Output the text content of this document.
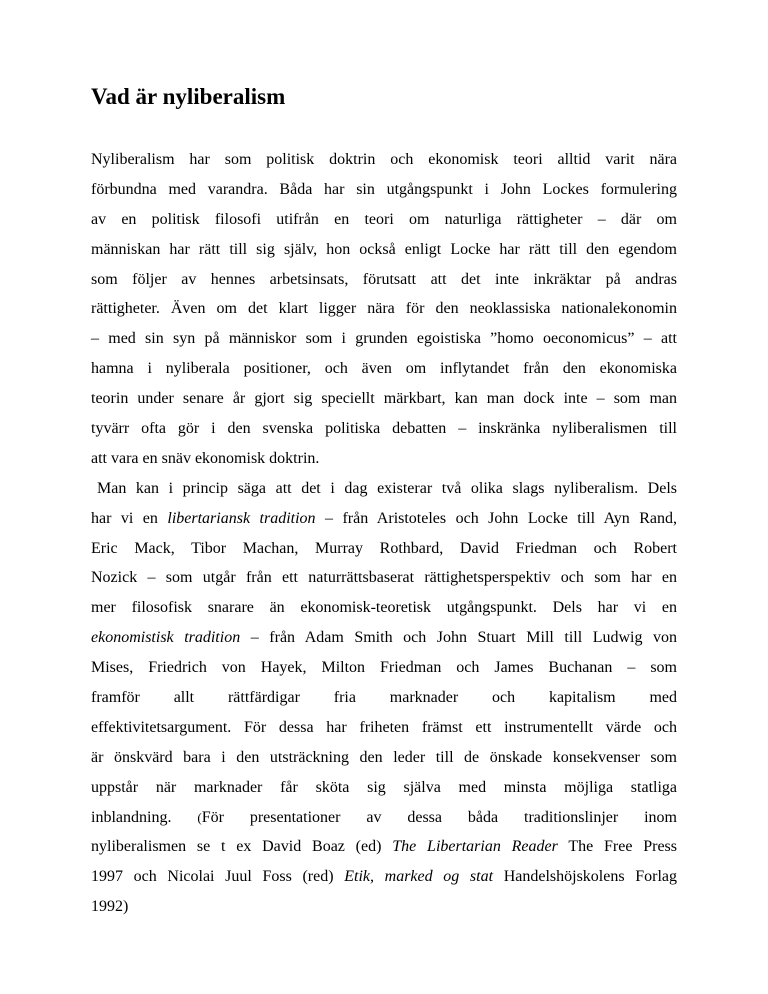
Vad är nyliberalism
Nyliberalism har som politisk doktrin och ekonomisk teori alltid varit nära
förbundna med varandra. Båda har sin utgångspunkt i John Lockes formulering
av en politisk filosofi utifrån en teori om naturliga rättigheter – där om
människan har rätt till sig själv, hon också enligt Locke har rätt till den egendom
som följer av hennes arbetsinsats, förutsatt att det inte inkräktar på andras
rättigheter. Även om det klart ligger nära för den neoklassiska nationalekonomin
– med sin syn på människor som i grunden egoistiska ”homo oeconomicus” – att
hamna i nyliberala positioner, och även om inflytandet från den ekonomiska
teorin under senare år gjort sig speciellt märkbart, kan man dock inte – som man
tyvärr ofta gör i den svenska politiska debatten – inskränka nyliberalismen till
att vara en snäv ekonomisk doktrin.
Man kan i princip säga att det i dag existerar två olika slags nyliberalism. Dels
har vi en libertariansk tradition – från Aristoteles och John Locke till Ayn Rand,
Eric Mack, Tibor Machan, Murray Rothbard, David Friedman och Robert
Nozick – som utgår från ett naturrättsbaserat rättighetsperspektiv och som har en
mer filosofisk snarare än ekonomisk-teoretisk utgångspunkt. Dels har vi en
ekonomistisk tradition – från Adam Smith och John Stuart Mill till Ludwig von
Mises, Friedrich von Hayek, Milton Friedman och James Buchanan – som
framför allt rättfärdigar fria marknader och kapitalism med
effektivitetsargument. För dessa har friheten främst ett instrumentellt värde och
är önskvärd bara i den utsträckning den leder till de önskade konsekvenser som
uppstår när marknader får sköta sig själva med minsta möjliga statliga
inblandning. (För presentationer av dessa båda traditionslinjer inom
nyliberalismen se t ex David Boaz (ed) The Libertarian Reader The Free Press
1997 och Nicolai Juul Foss (red) Etik, marked og stat Handelshöjskolens Forlag
1992)
